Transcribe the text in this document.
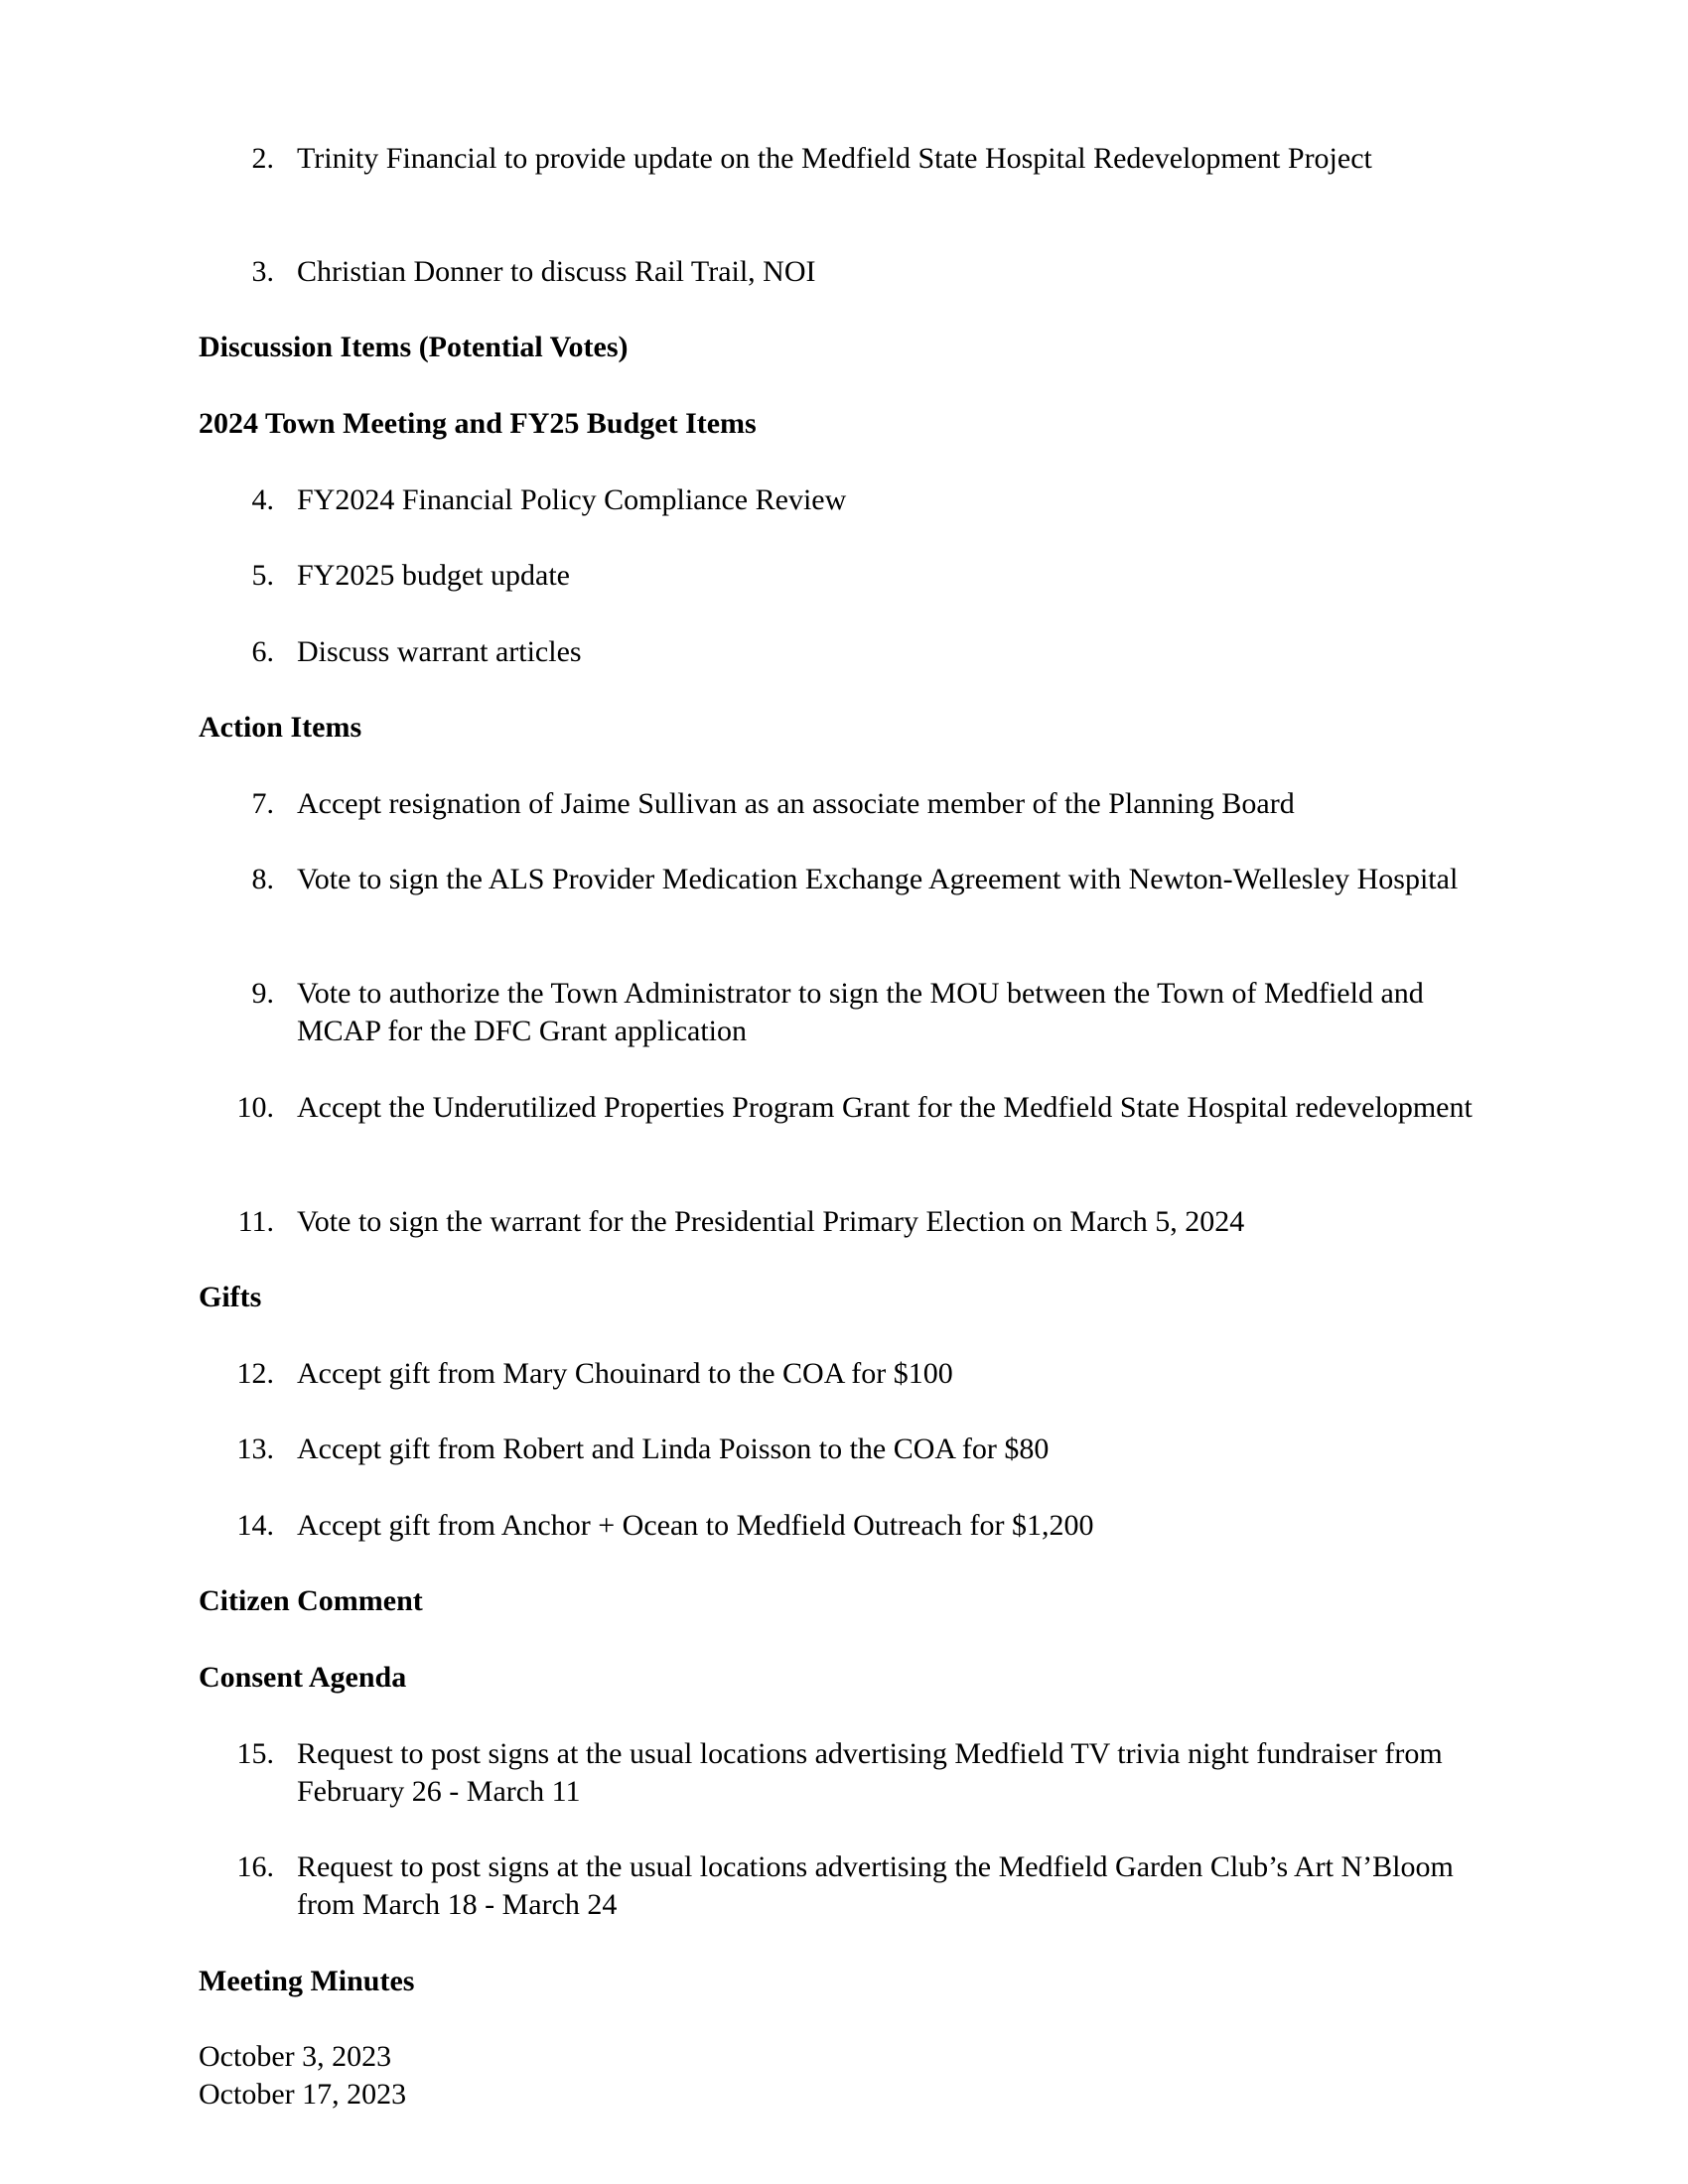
2. Trinity Financial to provide update on the Medfield State Hospital Redevelopment Project
3. Christian Donner to discuss Rail Trail, NOI
Discussion Items (Potential Votes)
2024 Town Meeting and FY25 Budget Items
4. FY2024 Financial Policy Compliance Review
5. FY2025 budget update
6. Discuss warrant articles
Action Items
7. Accept resignation of Jaime Sullivan as an associate member of the Planning Board
8. Vote to sign the ALS Provider Medication Exchange Agreement with Newton-Wellesley Hospital
9. Vote to authorize the Town Administrator to sign the MOU between the Town of Medfield and MCAP for the DFC Grant application
10. Accept the Underutilized Properties Program Grant for the Medfield State Hospital redevelopment
11. Vote to sign the warrant for the Presidential Primary Election on March 5, 2024
Gifts
12. Accept gift from Mary Chouinard to the COA for $100
13. Accept gift from Robert and Linda Poisson to the COA for $80
14. Accept gift from Anchor + Ocean to Medfield Outreach for $1,200
Citizen Comment
Consent Agenda
15. Request to post signs at the usual locations advertising Medfield TV trivia night fundraiser from February 26 - March 11
16. Request to post signs at the usual locations advertising the Medfield Garden Club’s Art N’Bloom from March 18 - March 24
Meeting Minutes
October 3, 2023
October 17, 2023
